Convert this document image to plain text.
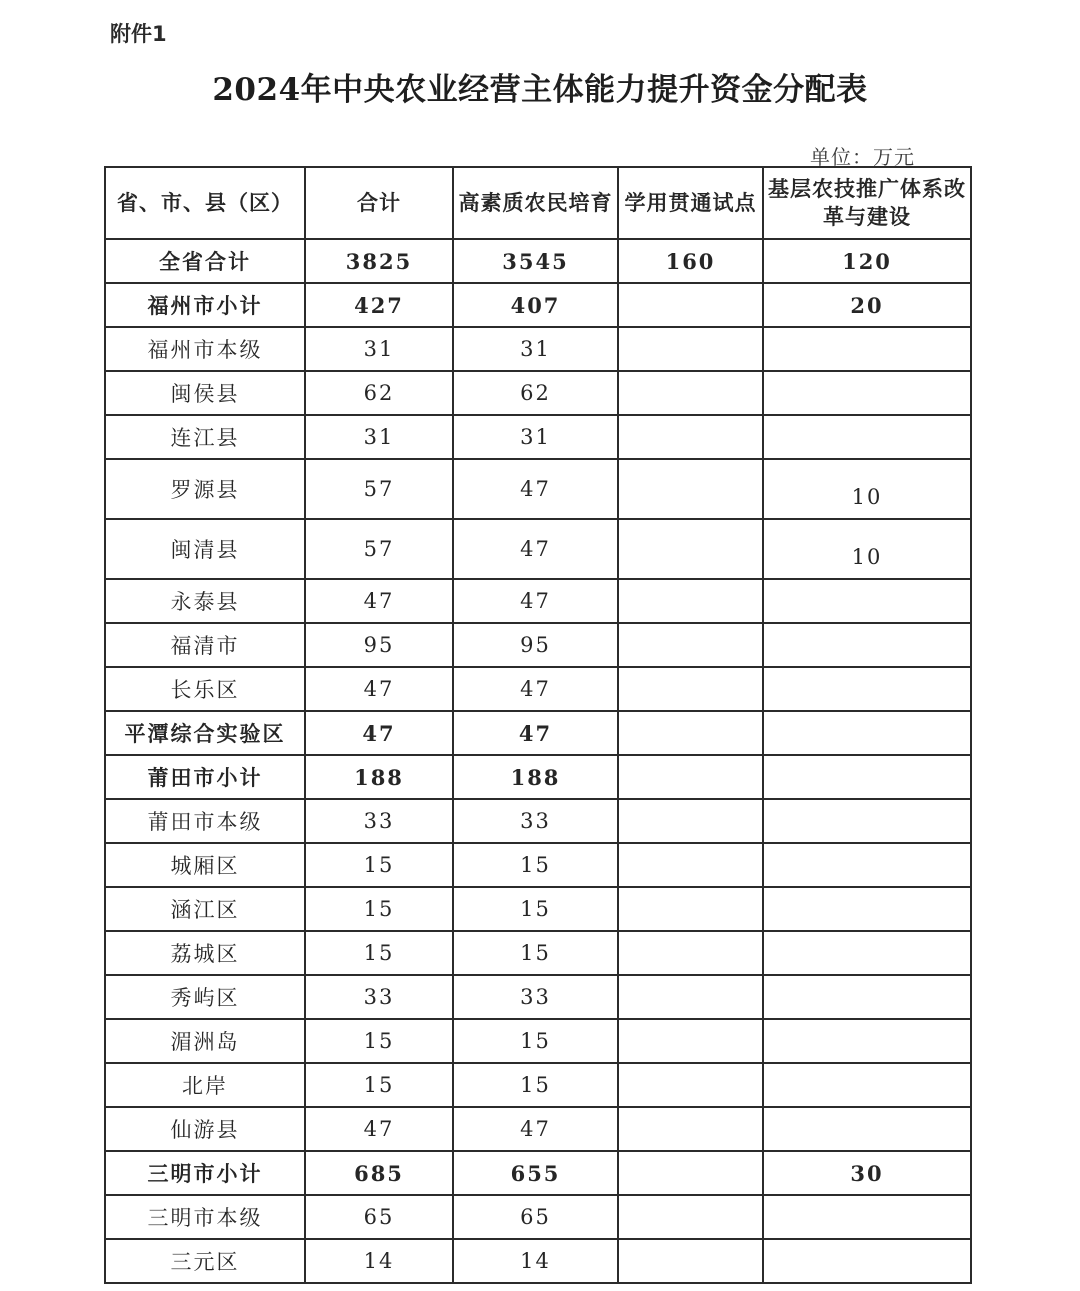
附件1
2024年中央农业经营主体能力提升资金分配表
单位：万元
省、市、县（区）	合计	高素质农民培育	学用贯通试点	基层农技推广体系改革与建设
全省合计	3825	3545	160	120
福州市小计	427	407		20
福州市本级	31	31		
闽侯县	62	62		
连江县	31	31		
罗源县	57	47		10
闽清县	57	47		10
永泰县	47	47		
福清市	95	95		
长乐区	47	47		
平潭综合实验区	47	47		
莆田市小计	188	188		
莆田市本级	33	33		
城厢区	15	15		
涵江区	15	15		
荔城区	15	15		
秀屿区	33	33		
湄洲岛	15	15		
北岸	15	15		
仙游县	47	47		
三明市小计	685	655		30
三明市本级	65	65		
三元区	14	14		
